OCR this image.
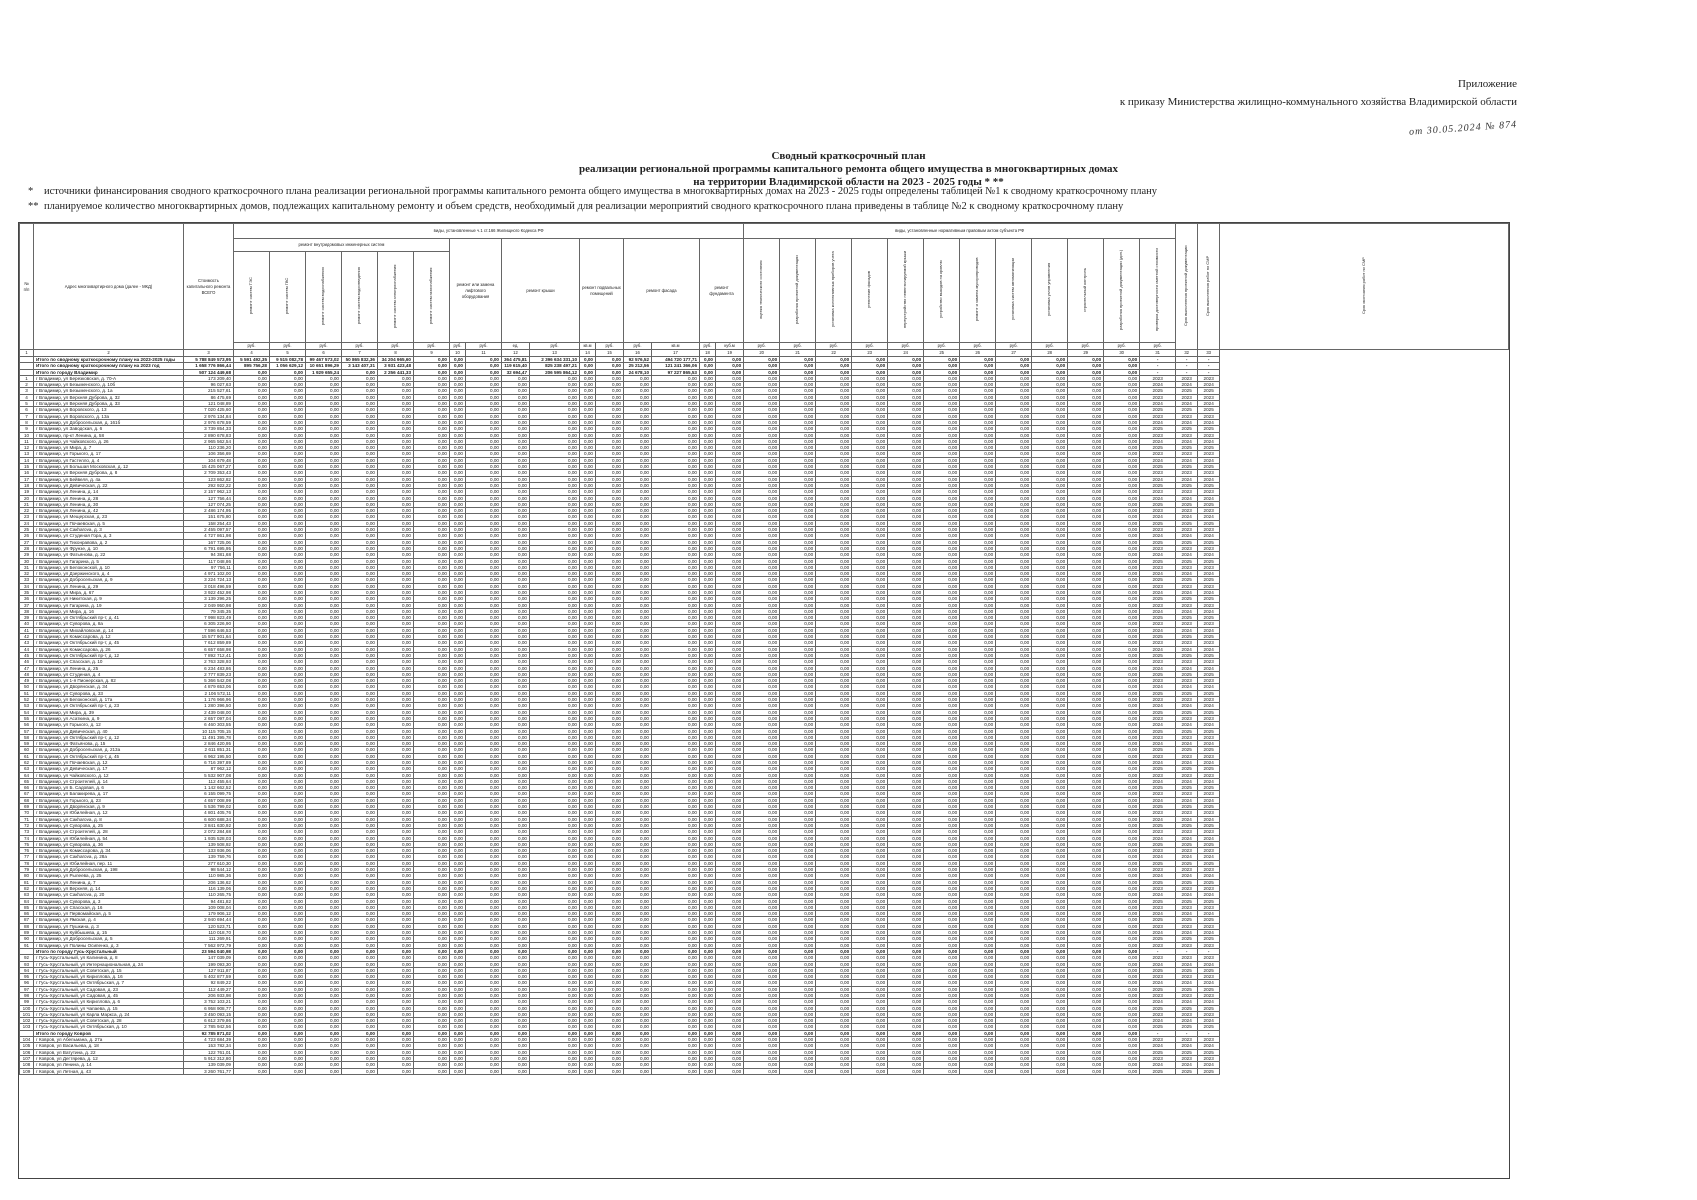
Приложение
к приказу Министерства жилищно-коммунального хозяйства Владимирской области
от 30.05.2024 № 874
Сводный краткосрочный план
реализации региональной программы капитального ремонта общего имущества в многоквартирных домах
на территории Владимирской области на 2023 - 2025 годы * **
* источники финансирования сводного краткосрочного плана реализации региональной программы капитального ремонта общего имущества в многоквартирных домах на 2023 - 2025 годы определены таблицей №1 к сводному краткосрочному плану
** планируемое количество многоквартирных домов, подлежащих капитальному ремонту и объем средств, необходимый для реализации мероприятий сводного краткосрочного плана приведены в таблице №2 к сводному краткосрочному плану
№ п/п	Адрес многоквартирного дома (далее - МКД)	Стоимость капитального ремонта ВСЕГО	виды, установленные ч.1 ст.166 Жилищного Кодекса РФ																виды, установленные нормативным правовым актом субъекта РФ												Срок выполнения проектной документации	Срок выполнения работ по СМР	Срок окончания работ по СМР
			ремонт внутридомовых инженерных систем						ремонт или замена лифтового оборудования		ремонт крыши		ремонт подвальных помещений		ремонт фасада		ремонт фундамента		оценка технического состояния	разработка проектной документации	установка коллективных приборов учета	утепление фасадов	переустройство невентилируемой крыши	устройство выходов на кровлю	ремонт и замена мусоропроводов	установка систем автоматизации	установка узлов управления	строительный контроль	разработка проектной документации (доп.)	проверка достоверности сметной стоимости			
			ремонт систем ТЭС	ремонт систем ГВС	ремонт систем водоснабжения	ремонт систем водоотведения	ремонт систем электроснабжения	ремонт систем газоснабжения																									
			руб.	руб.	руб.	руб.	руб.	руб.	руб.	руб.	ед.	руб.	кв.м	руб.	руб.	кв.м	руб.	куб.м	руб.	руб.	руб.	руб.	руб.	руб.	руб.	руб.	руб.	руб.	руб.	руб.			
1	2	3	4	5	6	7	8	9	10	11	12	13	14	15	16	17	18	19	20	21	22	23	24	25	26	27	28	29	30	31	32	33	
	Итого по сводному краткосрочному плану на 2023-2025 годы	5 788 849 573,95	5 591 492,35	9 515 082,78	99 467 573,02	50 865 832,36	34 204 965,60	0,00	0,00	0,00	364 475,81	2 396 634 331,10	0,00	0,00	92 576,52	494 720 177,71	0,00	0,00	0,00	0,00	0,00	0,00	0,00	0,00	0,00	0,00	0,00	0,00	0,00	-	-	-	
	Итого по сводному краткосрочному плану на 2023 год	1 658 776 866,44	895 756,28	1 056 629,12	10 651 896,29	3 143 407,31	3 931 423,48	0,00	0,00	0,00	119 615,40	825 238 497,21	0,00	0,00	25 212,56	121 241 366,06	0,00	0,00	0,00	0,00	0,00	0,00	0,00	0,00	0,00	0,00	0,00	0,00	0,00	-	-	-	
	Итого по городу Владимир	507 124 449,68	0,00	0,00	1 929 655,24	0,00	2 256 441,33	0,00	0,00	0,00	32 694,47	206 595 864,12	0,00	0,00	24 678,10	97 227 865,53	0,00	0,00	0,00	0,00	0,00	0,00	0,00	0,00	0,00	0,00	0,00	0,00	0,00	-	-	-	
1	г Владимир, ул Березковская, д. 70-А	173 209,40	0,00	0,00	0,00	0,00	0,00	0,00	0,00	0,00	0,00	0,00	0,00	0,00	0,00	0,00	0,00	0,00	0,00	0,00	0,00	0,00	0,00	0,00	0,00	0,00	0,00	0,00	0,00	2023	2023	2023	
2	г Владимир, ул Безыменского, д. 10б	96 027,63	0,00	0,00	0,00	0,00	0,00	0,00	0,00	0,00	0,00	0,00	0,00	0,00	0,00	0,00	0,00	0,00	0,00	0,00	0,00	0,00	0,00	0,00	0,00	0,00	0,00	0,00	0,00	2024	2024	2024	
3	г Владимир, ул Безыменского, д. 1а	215 527,61	0,00	0,00	0,00	0,00	0,00	0,00	0,00	0,00	0,00	0,00	0,00	0,00	0,00	0,00	0,00	0,00	0,00	0,00	0,00	0,00	0,00	0,00	0,00	0,00	0,00	0,00	0,00	2025	2025	2025	
4	г Владимир, ул Верхняя Дуброва, д. 32	86 475,69	0,00	0,00	0,00	0,00	0,00	0,00	0,00	0,00	0,00	0,00	0,00	0,00	0,00	0,00	0,00	0,00	0,00	0,00	0,00	0,00	0,00	0,00	0,00	0,00	0,00	0,00	0,00	2023	2023	2023	
5	г Владимир, ул Верхняя Дуброва, д. 33	121 048,89	0,00	0,00	0,00	0,00	0,00	0,00	0,00	0,00	0,00	0,00	0,00	0,00	0,00	0,00	0,00	0,00	0,00	0,00	0,00	0,00	0,00	0,00	0,00	0,00	0,00	0,00	0,00	2024	2024	2024	
6	г Владимир, ул Воровского, д. 13	7 020 425,60	0,00	0,00	0,00	0,00	0,00	0,00	0,00	0,00	0,00	0,00	0,00	0,00	0,00	0,00	0,00	0,00	0,00	0,00	0,00	0,00	0,00	0,00	0,00	0,00	0,00	0,00	0,00	2025	2025	2025	
7	г Владимир, ул Воровского, д. 13а	2 976 134,84	0,00	0,00	0,00	0,00	0,00	0,00	0,00	0,00	0,00	0,00	0,00	0,00	0,00	0,00	0,00	0,00	0,00	0,00	0,00	0,00	0,00	0,00	0,00	0,00	0,00	0,00	0,00	2023	2023	2023	
8	г Владимир, ул Добросельская, д. 161б	2 976 678,59	0,00	0,00	0,00	0,00	0,00	0,00	0,00	0,00	0,00	0,00	0,00	0,00	0,00	0,00	0,00	0,00	0,00	0,00	0,00	0,00	0,00	0,00	0,00	0,00	0,00	0,00	0,00	2024	2024	2024	
9	г Владимир, ул Заводская, д. 6	3 739 854,33	0,00	0,00	0,00	0,00	0,00	0,00	0,00	0,00	0,00	0,00	0,00	0,00	0,00	0,00	0,00	0,00	0,00	0,00	0,00	0,00	0,00	0,00	0,00	0,00	0,00	0,00	0,00	2025	2025	2025	
10	г Владимир, пр-кт Ленина, д. 58	2 890 678,83	0,00	0,00	0,00	0,00	0,00	0,00	0,00	0,00	0,00	0,00	0,00	0,00	0,00	0,00	0,00	0,00	0,00	0,00	0,00	0,00	0,00	0,00	0,00	0,00	0,00	0,00	0,00	2023	2023	2023	
11	г Владимир, ул Чайковского, д. 26	2 965 562,54	0,00	0,00	0,00	0,00	0,00	0,00	0,00	0,00	0,00	0,00	0,00	0,00	0,00	0,00	0,00	0,00	0,00	0,00	0,00	0,00	0,00	0,00	0,00	0,00	0,00	0,00	0,00	2024	2024	2024	
12	г Владимир, ул Мира, д. 7	110 236,20	0,00	0,00	0,00	0,00	0,00	0,00	0,00	0,00	0,00	0,00	0,00	0,00	0,00	0,00	0,00	0,00	0,00	0,00	0,00	0,00	0,00	0,00	0,00	0,00	0,00	0,00	0,00	2025	2025	2025	
13	г Владимир, ул Горького, д. 17	106 356,69	0,00	0,00	0,00	0,00	0,00	0,00	0,00	0,00	0,00	0,00	0,00	0,00	0,00	0,00	0,00	0,00	0,00	0,00	0,00	0,00	0,00	0,00	0,00	0,00	0,00	0,00	0,00	2023	2023	2023	
14	г Владимир, ул Гастелло, д. 4	104 679,48	0,00	0,00	0,00	0,00	0,00	0,00	0,00	0,00	0,00	0,00	0,00	0,00	0,00	0,00	0,00	0,00	0,00	0,00	0,00	0,00	0,00	0,00	0,00	0,00	0,00	0,00	0,00	2024	2024	2024	
15	г Владимир, ул Большая Московская, д. 12	15 425 067,27	0,00	0,00	0,00	0,00	0,00	0,00	0,00	0,00	0,00	0,00	0,00	0,00	0,00	0,00	0,00	0,00	0,00	0,00	0,00	0,00	0,00	0,00	0,00	0,00	0,00	0,00	0,00	2025	2025	2025	
16	г Владимир, ул Верхняя Дуброва, д. 8	2 709 353,43	0,00	0,00	0,00	0,00	0,00	0,00	0,00	0,00	0,00	0,00	0,00	0,00	0,00	0,00	0,00	0,00	0,00	0,00	0,00	0,00	0,00	0,00	0,00	0,00	0,00	0,00	0,00	2023	2023	2023	
17	г Владимир, ул Бейвеля, д. 4а	123 862,82	0,00	0,00	0,00	0,00	0,00	0,00	0,00	0,00	0,00	0,00	0,00	0,00	0,00	0,00	0,00	0,00	0,00	0,00	0,00	0,00	0,00	0,00	0,00	0,00	0,00	0,00	0,00	2024	2024	2024	
18	г Владимир, ул Девическая, д. 22	292 922,22	0,00	0,00	0,00	0,00	0,00	0,00	0,00	0,00	0,00	0,00	0,00	0,00	0,00	0,00	0,00	0,00	0,00	0,00	0,00	0,00	0,00	0,00	0,00	0,00	0,00	0,00	0,00	2025	2025	2025	
19	г Владимир, ул Ленина, д. 14	2 157 962,13	0,00	0,00	0,00	0,00	0,00	0,00	0,00	0,00	0,00	0,00	0,00	0,00	0,00	0,00	0,00	0,00	0,00	0,00	0,00	0,00	0,00	0,00	0,00	0,00	0,00	0,00	0,00	2023	2023	2023	
20	г Владимир, ул Ленина, д. 28	127 756,44	0,00	0,00	0,00	0,00	0,00	0,00	0,00	0,00	0,00	0,00	0,00	0,00	0,00	0,00	0,00	0,00	0,00	0,00	0,00	0,00	0,00	0,00	0,00	0,00	0,00	0,00	0,00	2024	2024	2024	
21	г Владимир, ул Ленина, д. 30	127 074,25	0,00	0,00	0,00	0,00	0,00	0,00	0,00	0,00	0,00	0,00	0,00	0,00	0,00	0,00	0,00	0,00	0,00	0,00	0,00	0,00	0,00	0,00	0,00	0,00	0,00	0,00	0,00	2025	2025	2025	
22	г Владимир, ул Ленина, д. 42	2 486 174,95	0,00	0,00	0,00	0,00	0,00	0,00	0,00	0,00	0,00	0,00	0,00	0,00	0,00	0,00	0,00	0,00	0,00	0,00	0,00	0,00	0,00	0,00	0,00	0,00	0,00	0,00	0,00	2023	2023	2023	
23	г Владимир, ул Мещерская, д. 23	151 675,80	0,00	0,00	0,00	0,00	0,00	0,00	0,00	0,00	0,00	0,00	0,00	0,00	0,00	0,00	0,00	0,00	0,00	0,00	0,00	0,00	0,00	0,00	0,00	0,00	0,00	0,00	0,00	2024	2024	2024	
24	г Владимир, ул Почаевская, д. 5	158 254,43	0,00	0,00	0,00	0,00	0,00	0,00	0,00	0,00	0,00	0,00	0,00	0,00	0,00	0,00	0,00	0,00	0,00	0,00	0,00	0,00	0,00	0,00	0,00	0,00	0,00	0,00	0,00	2025	2025	2025	
25	г Владимир, ул Сакharova, д. 3	2 455 097,57	0,00	0,00	0,00	0,00	0,00	0,00	0,00	0,00	0,00	0,00	0,00	0,00	0,00	0,00	0,00	0,00	0,00	0,00	0,00	0,00	0,00	0,00	0,00	0,00	0,00	0,00	0,00	2023	2023	2023	
26	г Владимир, ул Студеная Гора, д. 3	4 727 861,98	0,00	0,00	0,00	0,00	0,00	0,00	0,00	0,00	0,00	0,00	0,00	0,00	0,00	0,00	0,00	0,00	0,00	0,00	0,00	0,00	0,00	0,00	0,00	0,00	0,00	0,00	0,00	2024	2024	2024	
27	г Владимир, ул Тихонравова, д. 2	167 725,06	0,00	0,00	0,00	0,00	0,00	0,00	0,00	0,00	0,00	0,00	0,00	0,00	0,00	0,00	0,00	0,00	0,00	0,00	0,00	0,00	0,00	0,00	0,00	0,00	0,00	0,00	0,00	2025	2025	2025	
28	г Владимир, ул Фрунзе, д. 10	6 791 695,95	0,00	0,00	0,00	0,00	0,00	0,00	0,00	0,00	0,00	0,00	0,00	0,00	0,00	0,00	0,00	0,00	0,00	0,00	0,00	0,00	0,00	0,00	0,00	0,00	0,00	0,00	0,00	2023	2023	2023	
29	г Владимир, ул Фатьянова, д. 22	94 381,68	0,00	0,00	0,00	0,00	0,00	0,00	0,00	0,00	0,00	0,00	0,00	0,00	0,00	0,00	0,00	0,00	0,00	0,00	0,00	0,00	0,00	0,00	0,00	0,00	0,00	0,00	0,00	2024	2024	2024	
30	г Владимир, ул Гагарина, д. 5	117 048,86	0,00	0,00	0,00	0,00	0,00	0,00	0,00	0,00	0,00	0,00	0,00	0,00	0,00	0,00	0,00	0,00	0,00	0,00	0,00	0,00	0,00	0,00	0,00	0,00	0,00	0,00	0,00	2025	2025	2025	
31	г Владимир, ул Белоконской, д. 10	97 756,11	0,00	0,00	0,00	0,00	0,00	0,00	0,00	0,00	0,00	0,00	0,00	0,00	0,00	0,00	0,00	0,00	0,00	0,00	0,00	0,00	0,00	0,00	0,00	0,00	0,00	0,00	0,00	2023	2023	2023	
32	г Владимир, ул Дзержинского, д. 4	4 971 102,00	0,00	0,00	0,00	0,00	0,00	0,00	0,00	0,00	0,00	0,00	0,00	0,00	0,00	0,00	0,00	0,00	0,00	0,00	0,00	0,00	0,00	0,00	0,00	0,00	0,00	0,00	0,00	2024	2024	2024	
33	г Владимир, ул Добросельская, д. 9	3 224 724,13	0,00	0,00	0,00	0,00	0,00	0,00	0,00	0,00	0,00	0,00	0,00	0,00	0,00	0,00	0,00	0,00	0,00	0,00	0,00	0,00	0,00	0,00	0,00	0,00	0,00	0,00	0,00	2025	2025	2025	
34	г Владимир, ул Ленина, д. 29	3 018 496,59	0,00	0,00	0,00	0,00	0,00	0,00	0,00	0,00	0,00	0,00	0,00	0,00	0,00	0,00	0,00	0,00	0,00	0,00	0,00	0,00	0,00	0,00	0,00	0,00	0,00	0,00	0,00	2023	2023	2023	
35	г Владимир, ул Мира, д. 67	3 922 452,98	0,00	0,00	0,00	0,00	0,00	0,00	0,00	0,00	0,00	0,00	0,00	0,00	0,00	0,00	0,00	0,00	0,00	0,00	0,00	0,00	0,00	0,00	0,00	0,00	0,00	0,00	0,00	2024	2024	2024	
36	г Владимир, ул Никитская, д. 9	3 139 296,25	0,00	0,00	0,00	0,00	0,00	0,00	0,00	0,00	0,00	0,00	0,00	0,00	0,00	0,00	0,00	0,00	0,00	0,00	0,00	0,00	0,00	0,00	0,00	0,00	0,00	0,00	0,00	2025	2025	2025	
37	г Владимир, ул Гагарина, д. 19	2 049 950,98	0,00	0,00	0,00	0,00	0,00	0,00	0,00	0,00	0,00	0,00	0,00	0,00	0,00	0,00	0,00	0,00	0,00	0,00	0,00	0,00	0,00	0,00	0,00	0,00	0,00	0,00	0,00	2023	2023	2023	
38	г Владимир, ул Мира, д. 16	79 345,35	0,00	0,00	0,00	0,00	0,00	0,00	0,00	0,00	0,00	0,00	0,00	0,00	0,00	0,00	0,00	0,00	0,00	0,00	0,00	0,00	0,00	0,00	0,00	0,00	0,00	0,00	0,00	2024	2024	2024	
39	г Владимир, ул Октябрьский пр-т, д. 41	7 998 823,49	0,00	0,00	0,00	0,00	0,00	0,00	0,00	0,00	0,00	0,00	0,00	0,00	0,00	0,00	0,00	0,00	0,00	0,00	0,00	0,00	0,00	0,00	0,00	0,00	0,00	0,00	0,00	2025	2025	2025	
40	г Владимир, ул Суворова, д. 8а	6 305 226,90	0,00	0,00	0,00	0,00	0,00	0,00	0,00	0,00	0,00	0,00	0,00	0,00	0,00	0,00	0,00	0,00	0,00	0,00	0,00	0,00	0,00	0,00	0,00	0,00	0,00	0,00	0,00	2023	2023	2023	
41	г Владимир, ул Михайловская, д. 14	7 596 646,53	0,00	0,00	0,00	0,00	0,00	0,00	0,00	0,00	0,00	0,00	0,00	0,00	0,00	0,00	0,00	0,00	0,00	0,00	0,00	0,00	0,00	0,00	0,00	0,00	0,00	0,00	0,00	2024	2024	2024	
42	г Владимир, ул Комиссарова, д. 12	15 577 901,64	0,00	0,00	0,00	0,00	0,00	0,00	0,00	0,00	0,00	0,00	0,00	0,00	0,00	0,00	0,00	0,00	0,00	0,00	0,00	0,00	0,00	0,00	0,00	0,00	0,00	0,00	0,00	2025	2025	2025	
43	г Владимир, ул Октябрьский пр-т, д. 45	7 612 859,89	0,00	0,00	0,00	0,00	0,00	0,00	0,00	0,00	0,00	0,00	0,00	0,00	0,00	0,00	0,00	0,00	0,00	0,00	0,00	0,00	0,00	0,00	0,00	0,00	0,00	0,00	0,00	2023	2023	2023	
44	г Владимир, ул Комиссарова, д. 26	6 657 658,98	0,00	0,00	0,00	0,00	0,00	0,00	0,00	0,00	0,00	0,00	0,00	0,00	0,00	0,00	0,00	0,00	0,00	0,00	0,00	0,00	0,00	0,00	0,00	0,00	0,00	0,00	0,00	2024	2024	2024	
45	г Владимир, ул Октябрьский пр-т, д. 12	7 892 712,41	0,00	0,00	0,00	0,00	0,00	0,00	0,00	0,00	0,00	0,00	0,00	0,00	0,00	0,00	0,00	0,00	0,00	0,00	0,00	0,00	0,00	0,00	0,00	0,00	0,00	0,00	0,00	2025	2025	2025	
46	г Владимир, ул Спасская, д. 10	2 763 328,93	0,00	0,00	0,00	0,00	0,00	0,00	0,00	0,00	0,00	0,00	0,00	0,00	0,00	0,00	0,00	0,00	0,00	0,00	0,00	0,00	0,00	0,00	0,00	0,00	0,00	0,00	0,00	2023	2023	2023	
47	г Владимир, ул Ленина, д. 25	6 234 483,86	0,00	0,00	0,00	0,00	0,00	0,00	0,00	0,00	0,00	0,00	0,00	0,00	0,00	0,00	0,00	0,00	0,00	0,00	0,00	0,00	0,00	0,00	0,00	0,00	0,00	0,00	0,00	2024	2024	2024	
48	г Владимир, ул Студеная, д. 4	2 777 839,23	0,00	0,00	0,00	0,00	0,00	0,00	0,00	0,00	0,00	0,00	0,00	0,00	0,00	0,00	0,00	0,00	0,00	0,00	0,00	0,00	0,00	0,00	0,00	0,00	0,00	0,00	0,00	2025	2025	2025	
49	г Владимир, ул 1-я Пионерская, д. 82	5 366 542,08	0,00	0,00	0,00	0,00	0,00	0,00	0,00	0,00	0,00	0,00	0,00	0,00	0,00	0,00	0,00	0,00	0,00	0,00	0,00	0,00	0,00	0,00	0,00	0,00	0,00	0,00	0,00	2023	2023	2023	
50	г Владимир, ул Дворянская, д. 34	4 879 653,06	0,00	0,00	0,00	0,00	0,00	0,00	0,00	0,00	0,00	0,00	0,00	0,00	0,00	0,00	0,00	0,00	0,00	0,00	0,00	0,00	0,00	0,00	0,00	0,00	0,00	0,00	0,00	2024	2024	2024	
51	г Владимир, ул Суворова, д. 33	2 106 572,11	0,00	0,00	0,00	0,00	0,00	0,00	0,00	0,00	0,00	0,00	0,00	0,00	0,00	0,00	0,00	0,00	0,00	0,00	0,00	0,00	0,00	0,00	0,00	0,00	0,00	0,00	0,00	2025	2025	2025	
52	г Владимир, ул Белоконской, д. 17а	1 176 966,96	0,00	0,00	0,00	0,00	0,00	0,00	0,00	0,00	0,00	0,00	0,00	0,00	0,00	0,00	0,00	0,00	0,00	0,00	0,00	0,00	0,00	0,00	0,00	0,00	0,00	0,00	0,00	2023	2023	2023	
53	г Владимир, ул Октябрьский пр-т, д. 23	1 280 396,50	0,00	0,00	0,00	0,00	0,00	0,00	0,00	0,00	0,00	0,00	0,00	0,00	0,00	0,00	0,00	0,00	0,00	0,00	0,00	0,00	0,00	0,00	0,00	0,00	0,00	0,00	0,00	2024	2024	2024	
54	г Владимир, ул Мира, д. 39	2 439 048,00	0,00	0,00	0,00	0,00	0,00	0,00	0,00	0,00	0,00	0,00	0,00	0,00	0,00	0,00	0,00	0,00	0,00	0,00	0,00	0,00	0,00	0,00	0,00	0,00	0,00	0,00	0,00	2025	2025	2025	
55	г Владимир, ул Асаткина, д. 9	2 657 097,04	0,00	0,00	0,00	0,00	0,00	0,00	0,00	0,00	0,00	0,00	0,00	0,00	0,00	0,00	0,00	0,00	0,00	0,00	0,00	0,00	0,00	0,00	0,00	0,00	0,00	0,00	0,00	2023	2023	2023	
56	г Владимир, ул Горького, д. 12	6 460 303,55	0,00	0,00	0,00	0,00	0,00	0,00	0,00	0,00	0,00	0,00	0,00	0,00	0,00	0,00	0,00	0,00	0,00	0,00	0,00	0,00	0,00	0,00	0,00	0,00	0,00	0,00	0,00	2024	2024	2024	
57	г Владимир, ул Девическая, д. 40	10 115 705,15	0,00	0,00	0,00	0,00	0,00	0,00	0,00	0,00	0,00	0,00	0,00	0,00	0,00	0,00	0,00	0,00	0,00	0,00	0,00	0,00	0,00	0,00	0,00	0,00	0,00	0,00	0,00	2025	2025	2025	
58	г Владимир, ул Октябрьский пр-т, д. 12	11 491 395,78	0,00	0,00	0,00	0,00	0,00	0,00	0,00	0,00	0,00	0,00	0,00	0,00	0,00	0,00	0,00	0,00	0,00	0,00	0,00	0,00	0,00	0,00	0,00	0,00	0,00	0,00	0,00	2023	2023	2023	
59	г Владимир, ул Фатьянова, д. 15	2 846 420,95	0,00	0,00	0,00	0,00	0,00	0,00	0,00	0,00	0,00	0,00	0,00	0,00	0,00	0,00	0,00	0,00	0,00	0,00	0,00	0,00	0,00	0,00	0,00	0,00	0,00	0,00	0,00	2024	2024	2024	
60	г Владимир, ул Добросельская, д. 213а	2 611 851,31	0,00	0,00	0,00	0,00	0,00	0,00	0,00	0,00	0,00	0,00	0,00	0,00	0,00	0,00	0,00	0,00	0,00	0,00	0,00	0,00	0,00	0,00	0,00	0,00	0,00	0,00	0,00	2025	2025	2025	
61	г Владимир, ул Октябрьский пр-т, д. 45	6 962 195,50	0,00	0,00	0,00	0,00	0,00	0,00	0,00	0,00	0,00	0,00	0,00	0,00	0,00	0,00	0,00	0,00	0,00	0,00	0,00	0,00	0,00	0,00	0,00	0,00	0,00	0,00	0,00	2023	2023	2023	
62	г Владимир, ул Почаевская, д. 12	6 716 397,89	0,00	0,00	0,00	0,00	0,00	0,00	0,00	0,00	0,00	0,00	0,00	0,00	0,00	0,00	0,00	0,00	0,00	0,00	0,00	0,00	0,00	0,00	0,00	0,00	0,00	0,00	0,00	2024	2024	2024	
63	г Владимир, ул Девическая, д. 17	87 962,12	0,00	0,00	0,00	0,00	0,00	0,00	0,00	0,00	0,00	0,00	0,00	0,00	0,00	0,00	0,00	0,00	0,00	0,00	0,00	0,00	0,00	0,00	0,00	0,00	0,00	0,00	0,00	2025	2025	2025	
64	г Владимир, ул Чайковского, д. 12	5 532 907,08	0,00	0,00	0,00	0,00	0,00	0,00	0,00	0,00	0,00	0,00	0,00	0,00	0,00	0,00	0,00	0,00	0,00	0,00	0,00	0,00	0,00	0,00	0,00	0,00	0,00	0,00	0,00	2023	2023	2023	
65	г Владимир, ул Строителей, д. 14	112 455,64	0,00	0,00	0,00	0,00	0,00	0,00	0,00	0,00	0,00	0,00	0,00	0,00	0,00	0,00	0,00	0,00	0,00	0,00	0,00	0,00	0,00	0,00	0,00	0,00	0,00	0,00	0,00	2024	2024	2024	
66	г Владимир, ул Б. Садовая, д. 6	1 142 662,52	0,00	0,00	0,00	0,00	0,00	0,00	0,00	0,00	0,00	0,00	0,00	0,00	0,00	0,00	0,00	0,00	0,00	0,00	0,00	0,00	0,00	0,00	0,00	0,00	0,00	0,00	0,00	2025	2025	2025	
67	г Владимир, ул Балакирева, д. 17	6 155 099,75	0,00	0,00	0,00	0,00	0,00	0,00	0,00	0,00	0,00	0,00	0,00	0,00	0,00	0,00	0,00	0,00	0,00	0,00	0,00	0,00	0,00	0,00	0,00	0,00	0,00	0,00	0,00	2023	2023	2023	
68	г Владимир, ул Горького, д. 23	4 657 008,99	0,00	0,00	0,00	0,00	0,00	0,00	0,00	0,00	0,00	0,00	0,00	0,00	0,00	0,00	0,00	0,00	0,00	0,00	0,00	0,00	0,00	0,00	0,00	0,00	0,00	0,00	0,00	2024	2024	2024	
69	г Владимир, ул Дворянская, д. 9	5 536 799,02	0,00	0,00	0,00	0,00	0,00	0,00	0,00	0,00	0,00	0,00	0,00	0,00	0,00	0,00	0,00	0,00	0,00	0,00	0,00	0,00	0,00	0,00	0,00	0,00	0,00	0,00	0,00	2025	2025	2025	
70	г Владимир, ул Юбилейная, д. 12	4 801 405,76	0,00	0,00	0,00	0,00	0,00	0,00	0,00	0,00	0,00	0,00	0,00	0,00	0,00	0,00	0,00	0,00	0,00	0,00	0,00	0,00	0,00	0,00	0,00	0,00	0,00	0,00	0,00	2023	2023	2023	
71	г Владимир, ул Сакharova, д. 8	6 600 688,34	0,00	0,00	0,00	0,00	0,00	0,00	0,00	0,00	0,00	0,00	0,00	0,00	0,00	0,00	0,00	0,00	0,00	0,00	0,00	0,00	0,00	0,00	0,00	0,00	0,00	0,00	0,00	2024	2024	2024	
72	г Владимир, ул Суворова, д. 25	3 841 630,92	0,00	0,00	0,00	0,00	0,00	0,00	0,00	0,00	0,00	0,00	0,00	0,00	0,00	0,00	0,00	0,00	0,00	0,00	0,00	0,00	0,00	0,00	0,00	0,00	0,00	0,00	0,00	2025	2025	2025	
73	г Владимир, ул Строителей, д. 28	2 072 284,68	0,00	0,00	0,00	0,00	0,00	0,00	0,00	0,00	0,00	0,00	0,00	0,00	0,00	0,00	0,00	0,00	0,00	0,00	0,00	0,00	0,00	0,00	0,00	0,00	0,00	0,00	0,00	2023	2023	2023	
74	г Владимир, ул Юбилейная, д. 54	1 935 528,03	0,00	0,00	0,00	0,00	0,00	0,00	0,00	0,00	0,00	0,00	0,00	0,00	0,00	0,00	0,00	0,00	0,00	0,00	0,00	0,00	0,00	0,00	0,00	0,00	0,00	0,00	0,00	2024	2024	2024	
75	г Владимир, ул Суворова, д. 36	139 508,92	0,00	0,00	0,00	0,00	0,00	0,00	0,00	0,00	0,00	0,00	0,00	0,00	0,00	0,00	0,00	0,00	0,00	0,00	0,00	0,00	0,00	0,00	0,00	0,00	0,00	0,00	0,00	2025	2025	2025	
76	г Владимир, ул Комиссарова, д. 34	133 936,06	0,00	0,00	0,00	0,00	0,00	0,00	0,00	0,00	0,00	0,00	0,00	0,00	0,00	0,00	0,00	0,00	0,00	0,00	0,00	0,00	0,00	0,00	0,00	0,00	0,00	0,00	0,00	2023	2023	2023	
77	г Владимир, ул Сакharova, д. 28а	139 759,76	0,00	0,00	0,00	0,00	0,00	0,00	0,00	0,00	0,00	0,00	0,00	0,00	0,00	0,00	0,00	0,00	0,00	0,00	0,00	0,00	0,00	0,00	0,00	0,00	0,00	0,00	0,00	2024	2024	2024	
78	г Владимир, ул Юбилейная, пер. 11	277 610,30	0,00	0,00	0,00	0,00	0,00	0,00	0,00	0,00	0,00	0,00	0,00	0,00	0,00	0,00	0,00	0,00	0,00	0,00	0,00	0,00	0,00	0,00	0,00	0,00	0,00	0,00	0,00	2025	2025	2025	
79	г Владимир, ул Добросельская, д. 198	98 544,12	0,00	0,00	0,00	0,00	0,00	0,00	0,00	0,00	0,00	0,00	0,00	0,00	0,00	0,00	0,00	0,00	0,00	0,00	0,00	0,00	0,00	0,00	0,00	0,00	0,00	0,00	0,00	2023	2023	2023	
80	г Владимир, ул Рылеева, д. 25	110 985,36	0,00	0,00	0,00	0,00	0,00	0,00	0,00	0,00	0,00	0,00	0,00	0,00	0,00	0,00	0,00	0,00	0,00	0,00	0,00	0,00	0,00	0,00	0,00	0,00	0,00	0,00	0,00	2024	2024	2024	
81	г Владимир, ул Ленина, д. 7	206 136,62	0,00	0,00	0,00	0,00	0,00	0,00	0,00	0,00	0,00	0,00	0,00	0,00	0,00	0,00	0,00	0,00	0,00	0,00	0,00	0,00	0,00	0,00	0,00	0,00	0,00	0,00	0,00	2025	2025	2025	
82	г Владимир, ул Верхняя, д. 14	116 139,06	0,00	0,00	0,00	0,00	0,00	0,00	0,00	0,00	0,00	0,00	0,00	0,00	0,00	0,00	0,00	0,00	0,00	0,00	0,00	0,00	0,00	0,00	0,00	0,00	0,00	0,00	0,00	2023	2023	2023	
83	г Владимир, ул Сакharova, д. 20	110 265,75	0,00	0,00	0,00	0,00	0,00	0,00	0,00	0,00	0,00	0,00	0,00	0,00	0,00	0,00	0,00	0,00	0,00	0,00	0,00	0,00	0,00	0,00	0,00	0,00	0,00	0,00	0,00	2024	2024	2024	
84	г Владимир, ул Суворова, д. 3	94 481,82	0,00	0,00	0,00	0,00	0,00	0,00	0,00	0,00	0,00	0,00	0,00	0,00	0,00	0,00	0,00	0,00	0,00	0,00	0,00	0,00	0,00	0,00	0,00	0,00	0,00	0,00	0,00	2025	2025	2025	
85	г Владимир, ул Спасская, д. 16	109 008,04	0,00	0,00	0,00	0,00	0,00	0,00	0,00	0,00	0,00	0,00	0,00	0,00	0,00	0,00	0,00	0,00	0,00	0,00	0,00	0,00	0,00	0,00	0,00	0,00	0,00	0,00	0,00	2023	2023	2023	
86	г Владимир, ул Первомайская, д. 5	179 906,12	0,00	0,00	0,00	0,00	0,00	0,00	0,00	0,00	0,00	0,00	0,00	0,00	0,00	0,00	0,00	0,00	0,00	0,00	0,00	0,00	0,00	0,00	0,00	0,00	0,00	0,00	0,00	2024	2024	2024	
87	г Владимир, ул Ямская, д. 4	2 940 694,44	0,00	0,00	0,00	0,00	0,00	0,00	0,00	0,00	0,00	0,00	0,00	0,00	0,00	0,00	0,00	0,00	0,00	0,00	0,00	0,00	0,00	0,00	0,00	0,00	0,00	0,00	0,00	2025	2025	2025	
88	г Владимир, ул Пушкина, д. 3	120 523,71	0,00	0,00	0,00	0,00	0,00	0,00	0,00	0,00	0,00	0,00	0,00	0,00	0,00	0,00	0,00	0,00	0,00	0,00	0,00	0,00	0,00	0,00	0,00	0,00	0,00	0,00	0,00	2023	2023	2023	
89	г Владимир, ул Куйбышева, д. 15	110 018,70	0,00	0,00	0,00	0,00	0,00	0,00	0,00	0,00	0,00	0,00	0,00	0,00	0,00	0,00	0,00	0,00	0,00	0,00	0,00	0,00	0,00	0,00	0,00	0,00	0,00	0,00	0,00	2024	2024	2024	
90	г Владимир, ул Добросельская, д. 5	111 269,91	0,00	0,00	0,00	0,00	0,00	0,00	0,00	0,00	0,00	0,00	0,00	0,00	0,00	0,00	0,00	0,00	0,00	0,00	0,00	0,00	0,00	0,00	0,00	0,00	0,00	0,00	0,00	2025	2025	2025	
91	г Владимир, ул Полины Осипенко, д. 3	7 562 972,79	0,00	0,00	0,00	0,00	0,00	0,00	0,00	0,00	0,00	0,00	0,00	0,00	0,00	0,00	0,00	0,00	0,00	0,00	0,00	0,00	0,00	0,00	0,00	0,00	0,00	0,00	0,00	2023	2023	2023	
	Итого по городу Гусь-Хрустальный	23 594 040,98	0,00	0,00	0,00	0,00	0,00	0,00	0,00	0,00	0,00	0,00	0,00	0,00	0,00	0,00	0,00	0,00	0,00	0,00	0,00	0,00	0,00	0,00	0,00	0,00	0,00	0,00	0,00	-	-	-	
92	г Гусь-Хрустальный, ул Калинина, д. 8	147 039,09	0,00	0,00	0,00	0,00	0,00	0,00	0,00	0,00	0,00	0,00	0,00	0,00	0,00	0,00	0,00	0,00	0,00	0,00	0,00	0,00	0,00	0,00	0,00	0,00	0,00	0,00	0,00	2023	2023	2023	
93	г Гусь-Хрустальный, ул Интернациональная, д. 24	199 093,30	0,00	0,00	0,00	0,00	0,00	0,00	0,00	0,00	0,00	0,00	0,00	0,00	0,00	0,00	0,00	0,00	0,00	0,00	0,00	0,00	0,00	0,00	0,00	0,00	0,00	0,00	0,00	2024	2024	2024	
94	г Гусь-Хрустальный, ул Советская, д. 15	127 911,87	0,00	0,00	0,00	0,00	0,00	0,00	0,00	0,00	0,00	0,00	0,00	0,00	0,00	0,00	0,00	0,00	0,00	0,00	0,00	0,00	0,00	0,00	0,00	0,00	0,00	0,00	0,00	2025	2025	2025	
95	г Гусь-Хрустальный, ул Кириллова, д. 16	5 402 877,59	0,00	0,00	0,00	0,00	0,00	0,00	0,00	0,00	0,00	0,00	0,00	0,00	0,00	0,00	0,00	0,00	0,00	0,00	0,00	0,00	0,00	0,00	0,00	0,00	0,00	0,00	0,00	2023	2023	2023	
96	г Гусь-Хрустальный, ул Октябрьская, д. 7	92 849,22	0,00	0,00	0,00	0,00	0,00	0,00	0,00	0,00	0,00	0,00	0,00	0,00	0,00	0,00	0,00	0,00	0,00	0,00	0,00	0,00	0,00	0,00	0,00	0,00	0,00	0,00	0,00	2024	2024	2024	
97	г Гусь-Хрустальный, ул Садовая, д. 23	112 449,27	0,00	0,00	0,00	0,00	0,00	0,00	0,00	0,00	0,00	0,00	0,00	0,00	0,00	0,00	0,00	0,00	0,00	0,00	0,00	0,00	0,00	0,00	0,00	0,00	0,00	0,00	0,00	2025	2025	2025	
98	г Гусь-Хрустальный, ул Садовая, д. 45	206 933,98	0,00	0,00	0,00	0,00	0,00	0,00	0,00	0,00	0,00	0,00	0,00	0,00	0,00	0,00	0,00	0,00	0,00	0,00	0,00	0,00	0,00	0,00	0,00	0,00	0,00	0,00	0,00	2023	2023	2023	
99	г Гусь-Хрустальный, ул Кириллова, д. 6	3 752 103,21	0,00	0,00	0,00	0,00	0,00	0,00	0,00	0,00	0,00	0,00	0,00	0,00	0,00	0,00	0,00	0,00	0,00	0,00	0,00	0,00	0,00	0,00	0,00	0,00	0,00	0,00	0,00	2024	2024	2024	
100	г Гусь-Хрустальный, ул Чапаева, д. 15	6 958 908,77	0,00	0,00	0,00	0,00	0,00	0,00	0,00	0,00	0,00	0,00	0,00	0,00	0,00	0,00	0,00	0,00	0,00	0,00	0,00	0,00	0,00	0,00	0,00	0,00	0,00	0,00	0,00	2025	2025	2025	
101	г Гусь-Хрустальный, ул Карла Маркса, д. 24	3 450 093,15	0,00	0,00	0,00	0,00	0,00	0,00	0,00	0,00	0,00	0,00	0,00	0,00	0,00	0,00	0,00	0,00	0,00	0,00	0,00	0,00	0,00	0,00	0,00	0,00	0,00	0,00	0,00	2023	2023	2023	
102	г Гусь-Хрустальный, ул Советская, д. 28	6 612 379,86	0,00	0,00	0,00	0,00	0,00	0,00	0,00	0,00	0,00	0,00	0,00	0,00	0,00	0,00	0,00	0,00	0,00	0,00	0,00	0,00	0,00	0,00	0,00	0,00	0,00	0,00	0,00	2024	2024	2024	
103	г Гусь-Хрустальный, ул Октябрьская, д. 10	2 785 942,56	0,00	0,00	0,00	0,00	0,00	0,00	0,00	0,00	0,00	0,00	0,00	0,00	0,00	0,00	0,00	0,00	0,00	0,00	0,00	0,00	0,00	0,00	0,00	0,00	0,00	0,00	0,00	2025	2025	2025	
	Итого по городу Ковров	92 785 871,02	0,00	0,00	0,00	0,00	0,00	0,00	0,00	0,00	0,00	0,00	0,00	0,00	0,00	0,00	0,00	0,00	0,00	0,00	0,00	0,00	0,00	0,00	0,00	0,00	0,00	0,00	0,00	-	-	-	
104	г Ковров, ул Абельмана, д. 27а	4 723 684,39	0,00	0,00	0,00	0,00	0,00	0,00	0,00	0,00	0,00	0,00	0,00	0,00	0,00	0,00	0,00	0,00	0,00	0,00	0,00	0,00	0,00	0,00	0,00	0,00	0,00	0,00	0,00	2023	2023	2023	
105	г Ковров, ул Васильева, д. 18	153 782,34	0,00	0,00	0,00	0,00	0,00	0,00	0,00	0,00	0,00	0,00	0,00	0,00	0,00	0,00	0,00	0,00	0,00	0,00	0,00	0,00	0,00	0,00	0,00	0,00	0,00	0,00	0,00	2024	2024	2024	
106	г Ковров, ул Ватутина, д. 22	122 761,01	0,00	0,00	0,00	0,00	0,00	0,00	0,00	0,00	0,00	0,00	0,00	0,00	0,00	0,00	0,00	0,00	0,00	0,00	0,00	0,00	0,00	0,00	0,00	0,00	0,00	0,00	0,00	2025	2025	2025	
107	г Ковров, ул Дегтярева, д. 12	5 912 312,80	0,00	0,00	0,00	0,00	0,00	0,00	0,00	0,00	0,00	0,00	0,00	0,00	0,00	0,00	0,00	0,00	0,00	0,00	0,00	0,00	0,00	0,00	0,00	0,00	0,00	0,00	0,00	2023	2023	2023	
108	г Ковров, ул Ленина, д. 14	139 039,09	0,00	0,00	0,00	0,00	0,00	0,00	0,00	0,00	0,00	0,00	0,00	0,00	0,00	0,00	0,00	0,00	0,00	0,00	0,00	0,00	0,00	0,00	0,00	0,00	0,00	0,00	0,00	2024	2024	2024	
109	г Ковров, ул Летная, д. 43	3 260 761,77	0,00	0,00	0,00	0,00	0,00	0,00	0,00	0,00	0,00	0,00	0,00	0,00	0,00	0,00	0,00	0,00	0,00	0,00	0,00	0,00	0,00	0,00	0,00	0,00	0,00	0,00	0,00	2025	2025	2025	
